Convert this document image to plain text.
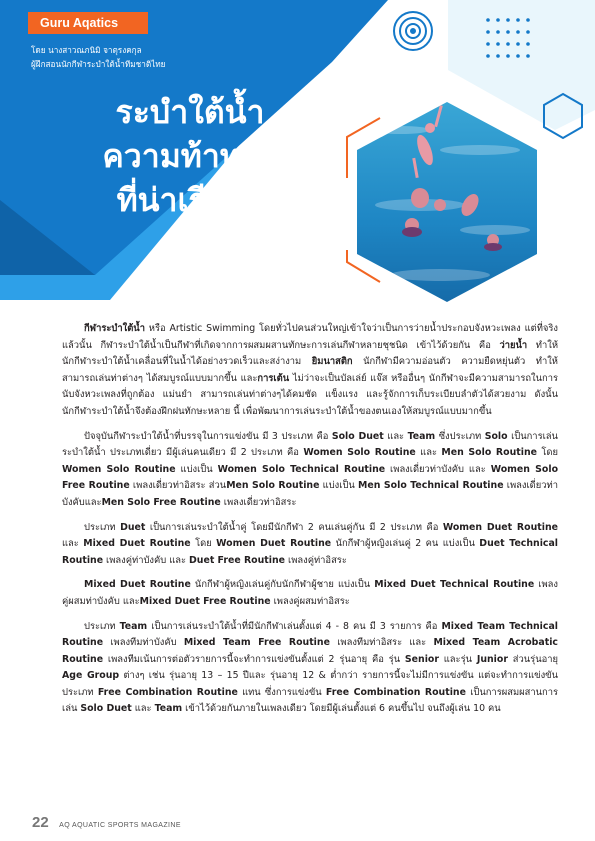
Guru Aqatics
โดย นางสาวณภนิมิ จาตุรงคกุล
ผู้ฝึกสอนนักกีฬาระบำใต้น้ำทีมชาติไทย
ระบำใต้น้ำ
ความท้าทาย
ที่น่าเรียนรู้

กีฬาระบำใต้น้ำ หรือ Artistic Swimming โดยทั่วไปคนส่วนใหญ่เข้าใจว่าเป็นการว่ายน้ำประกอบจังหวะเพลง แต่ที่จริงแล้วนั้น กีฬาระบำใต้น้ำเป็นกีฬาที่เกิดจากการผสมผสานทักษะการเล่นกีฬาหลายชุชนิด เข้าไว้ด้วยกัน คือ ว่ายน้ำ ทำให้นักกีฬาระบำใต้น้ำเคลื่อนที่ในน้ำได้อย่างรวดเร็วและสง่างาม ยิมนาสติก นักกีฬามีความอ่อนตัว ความยืดหยุ่นตัว ทำให้สามารถเล่นท่าต่างๆ ได้สมบูรณ์แบบมากขึ้น และการเต้น ไม่ว่าจะเป็นบัลเล่ย์ แจ๊ส หรืออื่นๆ นักกีฬาจะมีความสามารถในการนับจังหวะเพลงที่ถูกต้อง แม่นยำ สามารถเล่นท่าต่างๆได้คมชัด แข็งแรง และรู้จักการเก็บระเบียบลำตัวได้สวยงาม ดังนั้น นักกีฬาระบำใต้น้ำจึงต้องฝึกฝนทักษะหลาย นี้ เพื่อพัฒนาการเล่นระบำใต้น้ำของตนเองให้สมบูรณ์แบบมากขึ้น

ปัจจุบันกีฬาระบำใต้น้ำที่บรรจุในการแข่งขัน มี 3 ประเภท คือ Solo Duet และ Team ซึ่งประเภท Solo เป็นการเล่นระบำใต้น้ำ ประเภทเดี่ยว มีผู้เล่นคนเดียว มี 2 ประเภท คือ Women Solo Routine และ Men Solo Routine โดย Women Solo Routine แบ่งเป็น Women Solo Technical Routine เพลงเดี่ยวท่าบังคับ และ Women Solo Free Routine เพลงเดี่ยวท่าอิสระ ส่วนMen Solo Routine แบ่งเป็น Men Solo Technical Routine เพลงเดี่ยวท่าบังคับและMen Solo Free Routine เพลงเดี่ยวท่าอิสระ

ประเภท Duet เป็นการเล่นระบำใต้น้ำคู่ โดยมีนักกีฬา 2 คนเล่นคู่กัน มี 2 ประเภท คือ Women Duet Routine และ Mixed Duet Routine โดย Women Duet Routine นักกีฬาผู้หญิงเล่นคู่ 2 คน แบ่งเป็น Duet Technical Routine เพลงคู่ท่าบังคับ และ Duet Free Routine เพลงคู่ท่าอิสระ

Mixed Duet Routine นักกีฬาผู้หญิงเล่นคู่กับนักกีฬาผู้ชาย แบ่งเป็น Mixed Duet Technical Routine เพลงคู่ผสมท่าบังคับ และMixed Duet Free Routine เพลงคู่ผสมท่าอิสระ

ประเภท Team เป็นการเล่นระบำใต้น้ำที่มีนักกีฬาเล่นตั้งแต่ 4 - 8 คน มี 3 รายการ คือ Mixed Team Technical Routine เพลงทีมท่าบังคับ Mixed Team Free Routine เพลงทีมท่าอิสระ และ Mixed Team Acrobatic Routine เพลงทีมเน้นการต่อตัวรายการนี้จะทำการแข่งขันตั้งแต่ 2 รุ่นอายุ คือ รุ่น Senior และรุ่น Junior ส่วนรุ่นอายุ Age Group ต่างๆ เช่น รุ่นอายุ 13 – 15 ปีและ รุ่นอายุ 12 & ต่ำกว่า รายการนี้จะไม่มีการแข่งขัน แต่จะทำการแข่งขันประเภท Free Combination Routine แทน ซึ่งการแข่งขัน Free Combination Routine เป็นการผสมผสานการเล่น Solo Duet และ Team เข้าไว้ด้วยกันภายในเพลงเดียว โดยมีผู้เล่นตั้งแต่ 6 คนขึ้นไป จนถึงผู้เล่น 10 คน

22 AQ AQUATIC SPORTS MAGAZINE
